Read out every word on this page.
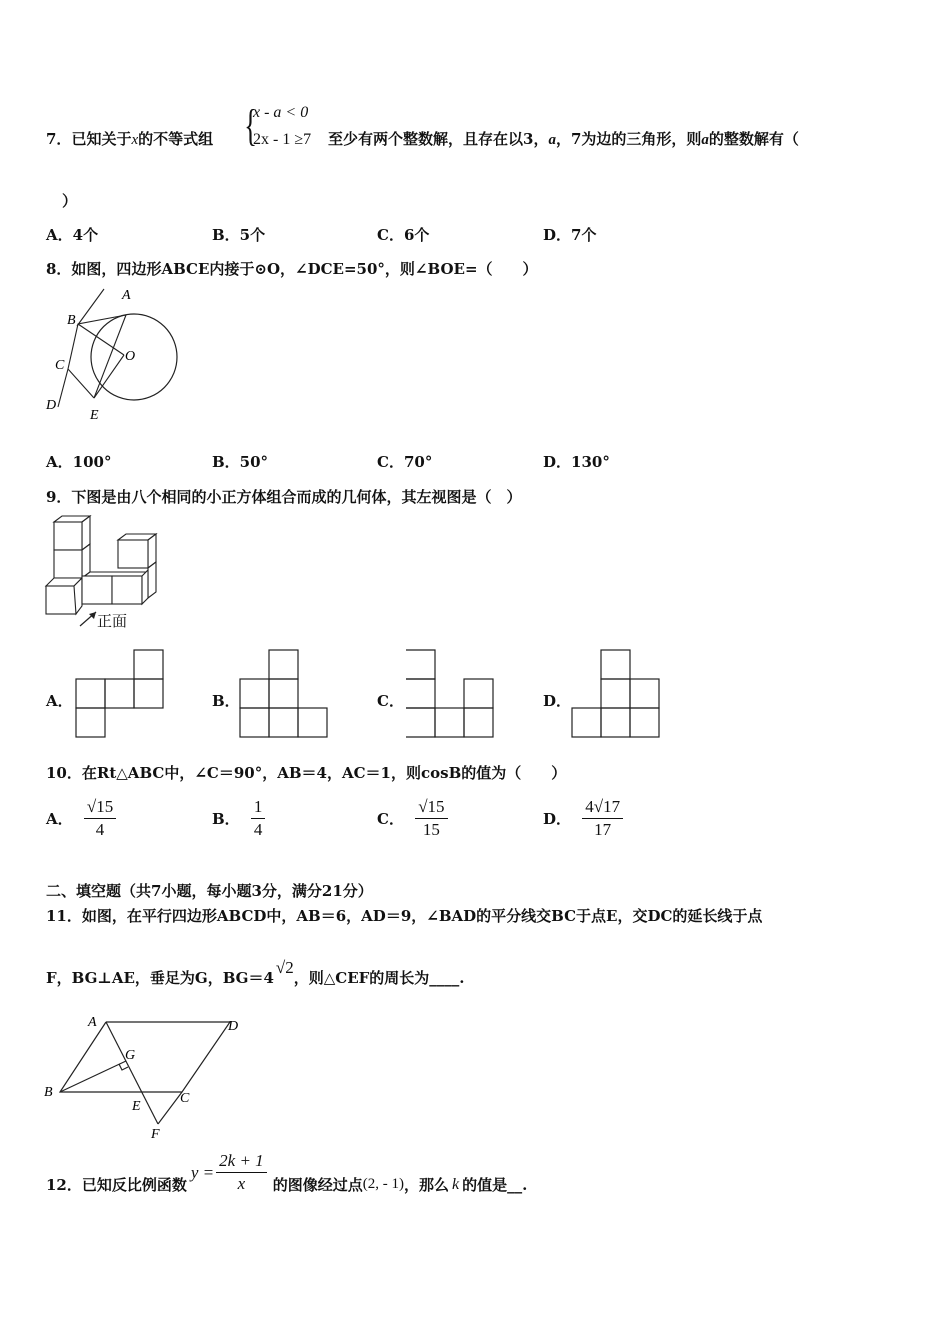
7．已知关于x的不等式组 {
x - a < 0
2x - 1 ≥7 至少有两个整数解，且存在以3，a，7为边的三角形，则a的整数解有（
）
A．4个	B．5个	C．6个	D．7个
8．如图，四边形ABCE内接于⊙O，∠DCE=50°，则∠BOE=（　　）
A
B
C
O
D
E
A．100°	B．50°	C．70°	D．130°
9．下图是由八个相同的小正方体组合而成的几何体，其左视图是（　）
正面
A．	B．	C．	D．
10．在Rt△ABC中，∠C＝90°，AB＝4，AC＝1，则cosB的值为（　　）
A． $\frac{√15}{4}$	B． $\frac{1}{4}$	C． $\frac{√15}{15}$	D． $\frac{4√17}{17}$
二、填空题（共7小题，每小题3分，满分21分）
11．如图，在平行四边形ABCD中，AB＝6，AD＝9，∠BAD的平分线交BC于点E，交DC的延长线于点
F，BG⊥AE，垂足为G，BG＝4√2，则△CEF的周长为____.
A	D
G
B
E
C
F
12．已知反比例函数$y = \frac{2k + 1}{x}$ 的图像经过点(2, - 1)，那么 k 的值是__.
